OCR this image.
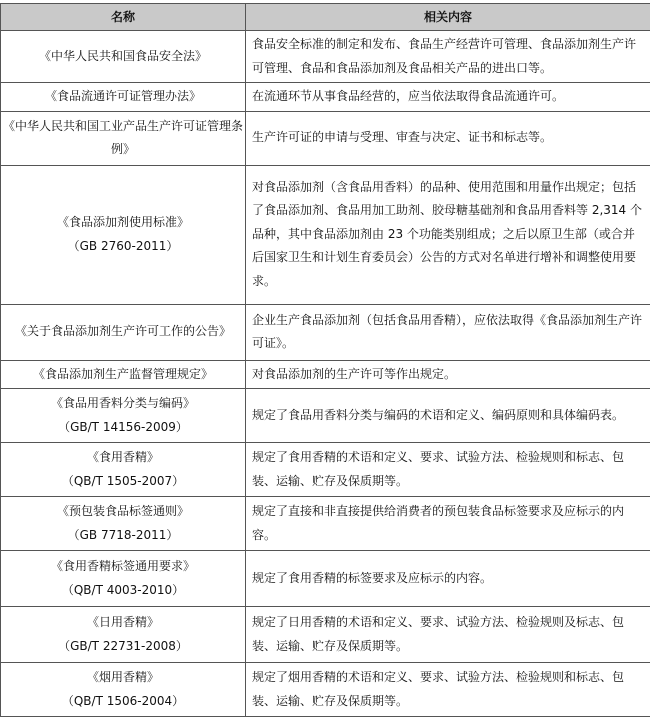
名称	相关内容
《中华人民共和国食品安全法》	食品安全标准的制定和发布、食品生产经营许可管理、食品添加剂生产许可管理、食品和食品添加剂及食品相关产品的进出口等。
《食品流通许可证管理办法》	在流通环节从事食品经营的，应当依法取得食品流通许可。
《中华人民共和国工业产品生产许可证管理条例》	生产许可证的申请与受理、审查与决定、证书和标志等。
《食品添加剂使用标准》
（GB 2760-2011）	对食品添加剂（含食品用香料）的品种、使用范围和用量作出规定；包括了食品添加剂、食品用加工助剂、胶母糖基础剂和食品用香料等 2,314 个品种，其中食品添加剂由 23 个功能类别组成；之后以原卫生部（或合并后国家卫生和计划生育委员会）公告的方式对名单进行增补和调整使用要求。
《关于食品添加剂生产许可工作的公告》	企业生产食品添加剂（包括食品用香精），应依法取得《食品添加剂生产许可证》。
《食品添加剂生产监督管理规定》	对食品添加剂的生产许可等作出规定。
《食品用香料分类与编码》
（GB/T 14156-2009）	规定了食品用香料分类与编码的术语和定义、编码原则和具体编码表。
《食用香精》
（QB/T 1505-2007）	规定了食用香精的术语和定义、要求、试验方法、检验规则和标志、包装、运输、贮存及保质期等。
《预包装食品标签通则》
（GB 7718-2011）	规定了直接和非直接提供给消费者的预包装食品标签要求及应标示的内容。
《食用香精标签通用要求》
（QB/T 4003-2010）	规定了食用香精的标签要求及应标示的内容。
《日用香精》
（GB/T 22731-2008）	规定了日用香精的术语和定义、要求、试验方法、检验规则及标志、包装、运输、贮存及保质期等。
《烟用香精》
（QB/T 1506-2004）	规定了烟用香精的术语和定义、要求、试验方法、检验规则和标志、包装、运输、贮存及保质期等。
